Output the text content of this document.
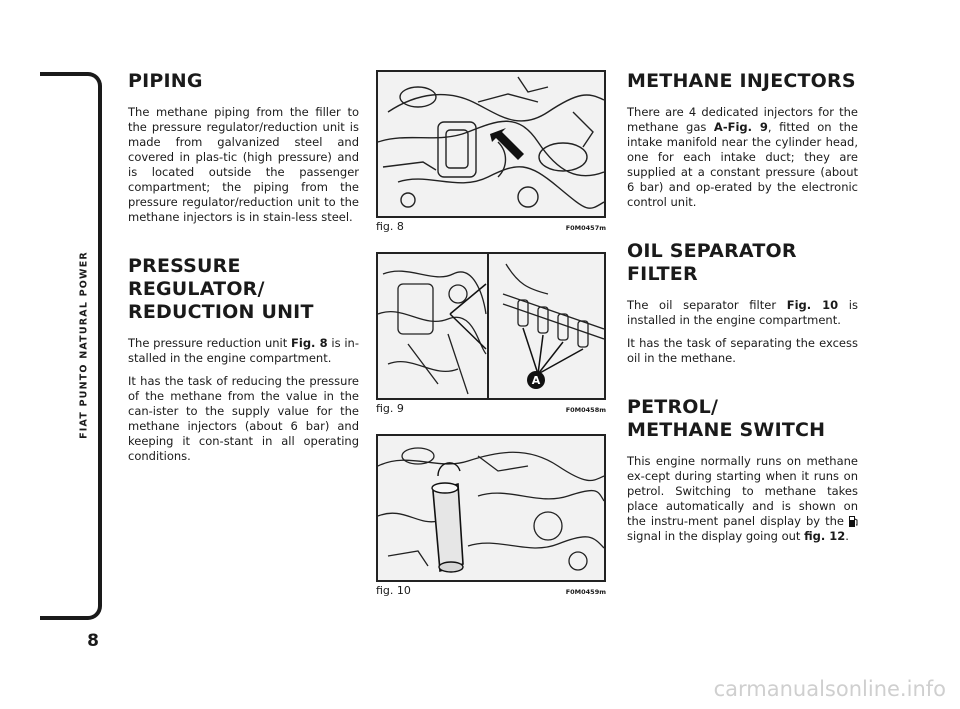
FIAT PUNTO NATURAL POWER
8
PIPING

The methane piping from the filler to the pressure regulator/reduction unit is made from galvanized steel and covered in plas-tic (high pressure) and is located outside the passenger compartment; the piping from the pressure regulator/reduction unit to the methane injectors is in stain-less steel.

PRESSURE
REGULATOR/
REDUCTION UNIT

The pressure reduction unit Fig. 8 is in-stalled in the engine compartment.

It has the task of reducing the pressure of the methane from the value in the can-ister to the supply value for the methane injectors (about 6 bar) and keeping it con-stant in all operating conditions.

fig. 8	F0M0457m
A
fig. 9	F0M0458m
fig. 10	F0M0459m
METHANE INJECTORS

There are 4 dedicated injectors for the methane gas A-Fig. 9, fitted on the intake manifold near the cylinder head, one for each intake duct; they are supplied at a constant pressure (about 6 bar) and op-erated by the electronic control unit.

OIL SEPARATOR FILTER

The oil separator filter Fig. 10 is installed in the engine compartment.

It has the task of separating the excess oil in the methane.

PETROL/
METHANE SWITCH

This engine normally runs on methane ex-cept during starting when it runs on petrol. Switching to methane takes place automatically and is shown on the instru-ment panel display by the  signal in the display going out fig. 12.

carmanualsonline.info
